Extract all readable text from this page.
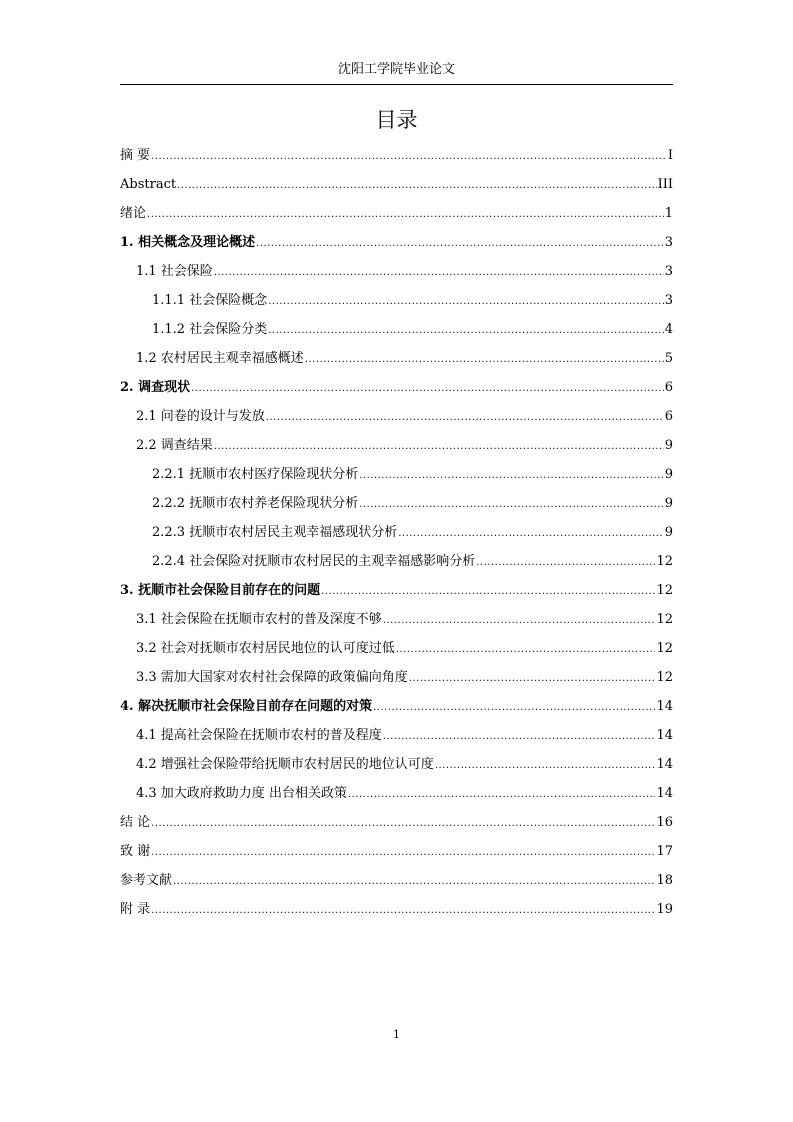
沈阳工学院毕业论文
目录
摘 要 .....	Ⅰ
Abstract .....	III
绪论 .....	1
1. 相关概念及理论概述 .....	3
1.1 社会保险 .....	3
1.1.1 社会保险概念 .....	3
1.1.2 社会保险分类 .....	4
1.2 农村居民主观幸福感概述 .....	5
2. 调查现状 .....	6
2.1 问卷的设计与发放 .....	6
2.2 调查结果 .....	9
2.2.1 抚顺市农村医疗保险现状分析 .....	9
2.2.2 抚顺市农村养老保险现状分析 .....	9
2.2.3 抚顺市农村居民主观幸福感现状分析 .....	9
2.2.4 社会保险对抚顺市农村居民的主观幸福感影响分析 .....	12
3. 抚顺市社会保险目前存在的问题 .....	12
3.1 社会保险在抚顺市农村的普及深度不够 .....	12
3.2 社会对抚顺市农村居民地位的认可度过低 .....	12
3.3 需加大国家对农村社会保障的政策偏向角度 .....	12
4. 解决抚顺市社会保险目前存在问题的对策 .....	14
4.1 提高社会保险在抚顺市农村的普及程度 .....	14
4.2 增强社会保险带给抚顺市农村居民的地位认可度 .....	14
4.3 加大政府救助力度 出台相关政策 .....	14
结 论 .....	16
致 谢 .....	17
参考文献 .....	18
附 录 .....	19
1
